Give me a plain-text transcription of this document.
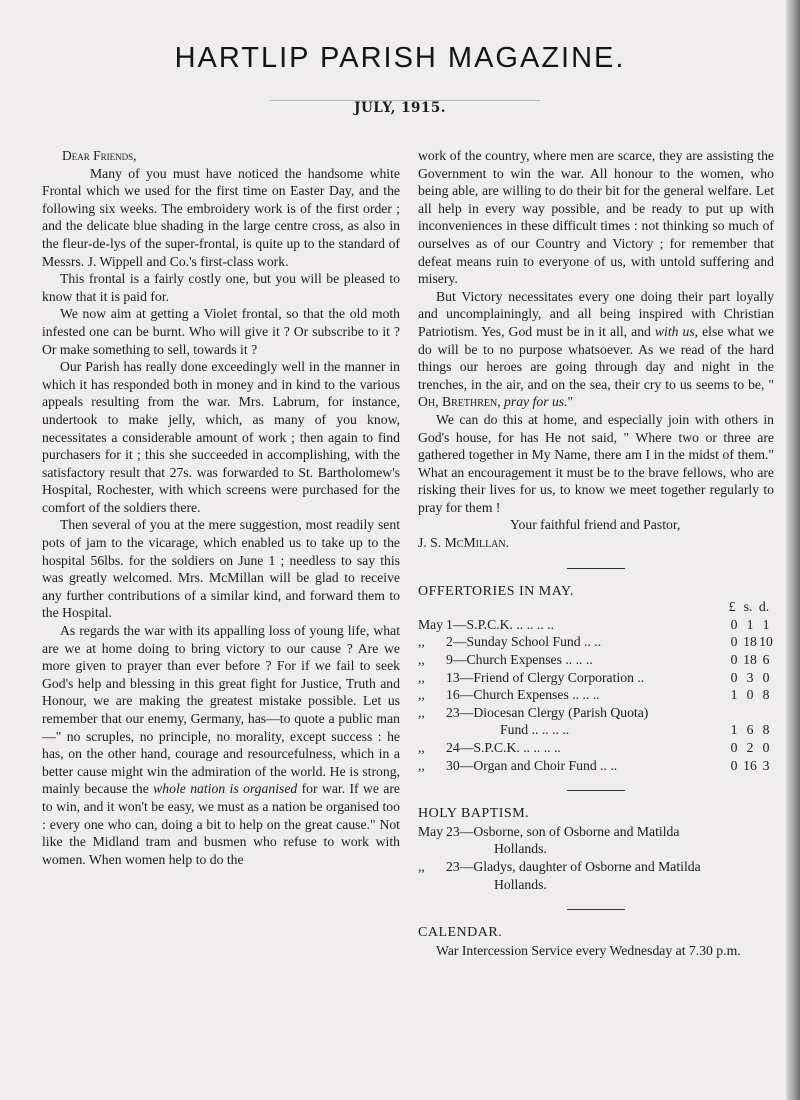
HARTLIP PARISH MAGAZINE.
JULY, 1915.

Dear Friends,

Many of you must have noticed the handsome white Frontal which we used for the first time on Easter Day, and the following six weeks. The embroidery work is of the first order ; and the delicate blue shading in the large centre cross, as also in the fleur-de-lys of the super-frontal, is quite up to the standard of Messrs. J. Wippell and Co.'s first-class work.

This frontal is a fairly costly one, but you will be pleased to know that it is paid for.

We now aim at getting a Violet frontal, so that the old moth infested one can be burnt. Who will give it ? Or subscribe to it ? Or make something to sell, towards it ?

Our Parish has really done exceedingly well in the manner in which it has responded both in money and in kind to the various appeals resulting from the war. Mrs. Labrum, for instance, undertook to make jelly, which, as many of you know, necessitates a considerable amount of work ; then again to find purchasers for it ; this she succeeded in accomplishing, with the satisfactory result that 27s. was forwarded to St. Bartholomew's Hospital, Rochester, with which screens were purchased for the comfort of the soldiers there.

Then several of you at the mere suggestion, most readily sent pots of jam to the vicarage, which enabled us to take up to the hospital 56lbs. for the soldiers on June 1 ; needless to say this was greatly welcomed. Mrs. McMillan will be glad to receive any further contributions of a similar kind, and forward them to the Hospital.

As regards the war with its appalling loss of young life, what are we at home doing to bring victory to our cause ? Are we more given to prayer than ever before ? For if we fail to seek God's help and blessing in this great fight for Justice, Truth and Honour, we are making the greatest mistake possible. Let us remember that our enemy, Germany, has—to quote a public man—" no scruples, no principle, no morality, except success : he has, on the other hand, courage and resourcefulness, which in a better cause might win the admiration of the world. He is strong, mainly because the whole nation is organised for war. If we are to win, and it won't be easy, we must as a nation be organised too : every one who can, doing a bit to help on the great cause." Not like the Midland tram and busmen who refuse to work with women. When women help to do the

work of the country, where men are scarce, they are assisting the Government to win the war. All honour to the women, who being able, are willing to do their bit for the general welfare. Let all help in every way possible, and be ready to put up with inconveniences in these difficult times : not thinking so much of ourselves as of our Country and Victory ; for remember that defeat means ruin to everyone of us, with untold suffering and misery.

But Victory necessitates every one doing their part loyally and uncomplainingly, and all being inspired with Christian Patriotism. Yes, God must be in it all, and with us, else what we do will be to no purpose whatsoever. As we read of the hard things our heroes are going through day and night in the trenches, in the air, and on the sea, their cry to us seems to be, " Oh, Brethren, pray for us."

We can do this at home, and especially join with others in God's house, for has He not said, " Where two or three are gathered together in My Name, there am I in the midst of them." What an encouragement it must be to the brave fellows, who are risking their lives for us, to know we meet together regularly to pray for them !

Your faithful friend and Pastor,

J. S. McMillan.

OFFERTORIES IN MAY.

£ s. d.
May 1—S.P.C.K. .. .. .. ..	0 1 1
,,	2—Sunday School Fund .. ..	0 18 10
,,	9—Church Expenses .. .. ..	0 18 6
,,	13—Friend of Clergy Corporation ..	0 3 0
,,	16—Church Expenses .. .. ..	1 0 8
,,	23—Diocesan Clergy (Parish Quota)
Fund .. .. .. ..	1 6 8
,,	24—S.P.C.K. .. .. .. ..	0 2 0
,,	30—Organ and Choir Fund .. ..	0 16 3

HOLY BAPTISM.

May 23—Osborne, son of Osborne and Matilda
Hollands.
,,	23—Gladys, daughter of Osborne and Matilda
Hollands.

CALENDAR.

War Intercession Service every Wednesday at 7.30 p.m.
